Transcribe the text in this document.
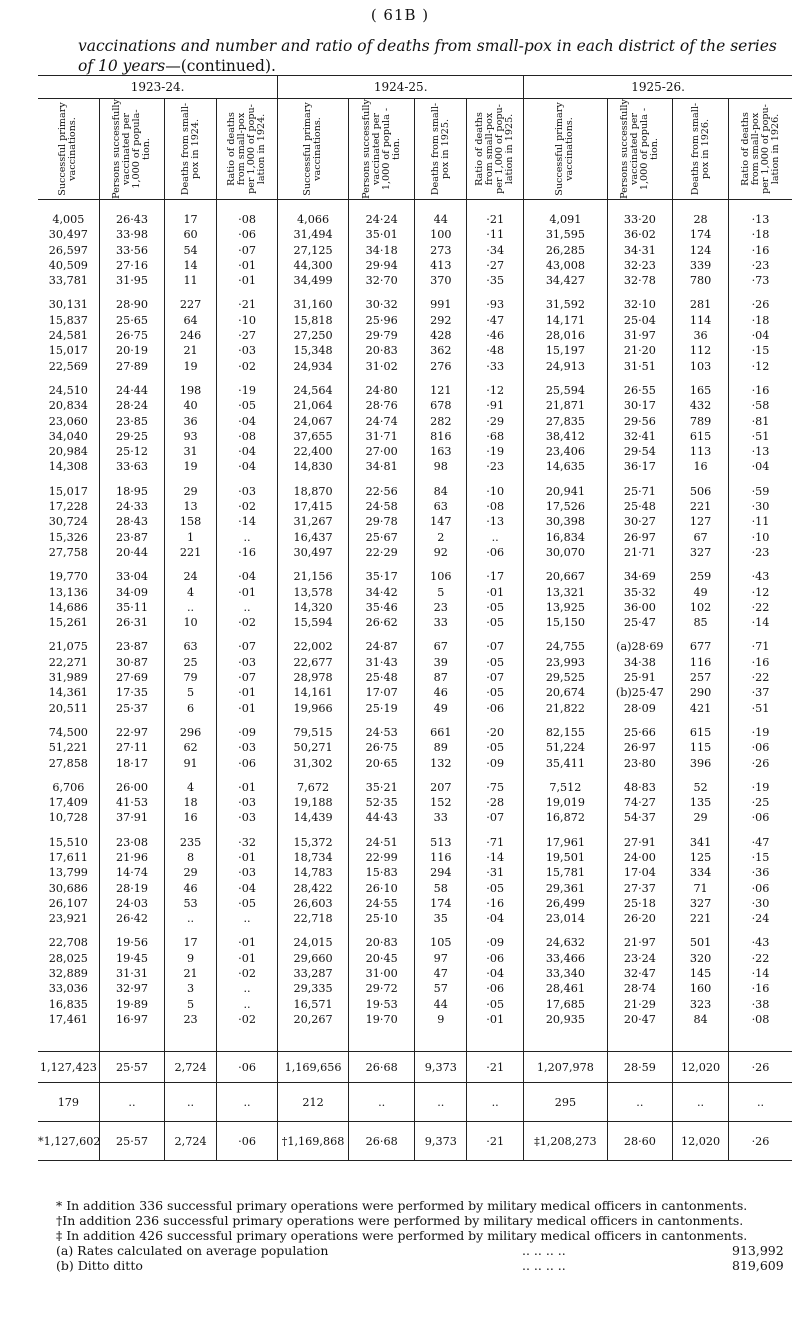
( 61B )
vaccinations and number and ratio of deaths from small-pox in each district of the series of 10 years—(continued).
1923-24.				1924-25.				1925-26.			

Successful primary
vaccinations.	Persons successfully
vaccinated per
1,000 of popula-
tion.	Deaths from small-
pox in 1924.	Ratio of deaths
from small-pox
per 1,000 of popu-
lation in 1924.	Successful primary
vaccinations.	Persons successfully
vaccinated per
1,000 of popula -
tion.	Deaths from small-
pox in 1925.	Ratio of deaths
from small-pox
per 1,000 of popu-
lation in 1925.	Successful primary
vaccinations.	Persons successfully
vaccinated per
1,000 of popula -
tion.	Deaths from small-
pox in 1926.	Ratio of deaths
from small-pox
per 1,000 of popu-
lation in 1926.

4,005	26·43	17	·08	4,066	24·24	44	·21	4,091	33·20	28	·13
30,497	33·98	60	·06	31,494	35·01	100	·11	31,595	36·02	174	·18
26,597	33·56	54	·07	27,125	34·18	273	·34	26,285	34·31	124	·16
40,509	27·16	14	·01	44,300	29·94	413	·27	43,008	32·23	339	·23
33,781	31·95	11	·01	34,499	32·70	370	·35	34,427	32·78	780	·73

30,131	28·90	227	·21	31,160	30·32	991	·93	31,592	32·10	281	·26
15,837	25·65	64	·10	15,818	25·96	292	·47	14,171	25·04	114	·18
24,581	26·75	246	·27	27,250	29·79	428	·46	28,016	31·97	36	·04
15,017	20·19	21	·03	15,348	20·83	362	·48	15,197	21·20	112	·15
22,569	27·89	19	·02	24,934	31·02	276	·33	24,913	31·51	103	·12

24,510	24·44	198	·19	24,564	24·80	121	·12	25,594	26·55	165	·16
20,834	28·24	40	·05	21,064	28·76	678	·91	21,871	30·17	432	·58
23,060	23·85	36	·04	24,067	24·74	282	·29	27,835	29·56	789	·81
34,040	29·25	93	·08	37,655	31·71	816	·68	38,412	32·41	615	·51
20,984	25·12	31	·04	22,400	27·00	163	·19	23,406	29·54	113	·13
14,308	33·63	19	·04	14,830	34·81	98	·23	14,635	36·17	16	·04

15,017	18·95	29	·03	18,870	22·56	84	·10	20,941	25·71	506	·59
17,228	24·33	13	·02	17,415	24·58	63	·08	17,526	25·48	221	·30
30,724	28·43	158	·14	31,267	29·78	147	·13	30,398	30·27	127	·11
15,326	23·87	1	..	16,437	25·67	2	..	16,834	26·97	67	·10
27,758	20·44	221	·16	30,497	22·29	92	·06	30,070	21·71	327	·23

19,770	33·04	24	·04	21,156	35·17	106	·17	20,667	34·69	259	·43
13,136	34·09	4	·01	13,578	34·42	5	·01	13,321	35·32	49	·12
14,686	35·11	..	..	14,320	35·46	23	·05	13,925	36·00	102	·22
15,261	26·31	10	·02	15,594	26·62	33	·05	15,150	25·47	85	·14

21,075	23·87	63	·07	22,002	24·87	67	·07	24,755	(a)28·69	677	·71
22,271	30·87	25	·03	22,677	31·43	39	·05	23,993	34·38	116	·16
31,989	27·69	79	·07	28,978	25·48	87	·07	29,525	25·91	257	·22
14,361	17·35	5	·01	14,161	17·07	46	·05	20,674	(b)25·47	290	·37
20,511	25·37	6	·01	19,966	25·19	49	·06	21,822	28·09	421	·51

74,500	22·97	296	·09	79,515	24·53	661	·20	82,155	25·66	615	·19
51,221	27·11	62	·03	50,271	26·75	89	·05	51,224	26·97	115	·06
27,858	18·17	91	·06	31,302	20·65	132	·09	35,411	23·80	396	·26

6,706	26·00	4	·01	7,672	35·21	207	·75	7,512	48·83	52	·19
17,409	41·53	18	·03	19,188	52·35	152	·28	19,019	74·27	135	·25
10,728	37·91	16	·03	14,439	44·43	33	·07	16,872	54·37	29	·06

15,510	23·08	235	·32	15,372	24·51	513	·71	17,961	27·91	341	·47
17,611	21·96	8	·01	18,734	22·99	116	·14	19,501	24·00	125	·15
13,799	14·74	29	·03	14,783	15·83	294	·31	15,781	17·04	334	·36
30,686	28·19	46	·04	28,422	26·10	58	·05	29,361	27·37	71	·06
26,107	24·03	53	·05	26,603	24·55	174	·16	26,499	25·18	327	·30
23,921	26·42	..	..	22,718	25·10	35	·04	23,014	26·20	221	·24

22,708	19·56	17	·01	24,015	20·83	105	·09	24,632	21·97	501	·43
28,025	19·45	9	·01	29,660	20·45	97	·06	33,466	23·24	320	·22
32,889	31·31	21	·02	33,287	31·00	47	·04	33,340	32·47	145	·14
33,036	32·97	3	..	29,335	29·72	57	·06	28,461	28·74	160	·16
16,835	19·89	5	..	16,571	19·53	44	·05	17,685	21·29	323	·38
17,461	16·97	23	·02	20,267	19·70	9	·01	20,935	20·47	84	·08

1,127,423	25·57	2,724	·06	1,169,656	26·68	9,373	·21	1,207,978	28·59	12,020	·26
179	..	..	..	212	..	..	..	295	..	..	..
*1,127,602	25·57	2,724	·06	†1,169,868	26·68	9,373	·21	‡1,208,273	28·60	12,020	·26
* In addition 336 successful primary operations were performed by military medical officers in cantonments.
†In addition 236 successful primary operations were performed by military medical officers in cantonments.
‡ In addition 426 successful primary operations were performed by military medical officers in cantonments.
(a) Rates calculated on average population	.. .. .. ..	913,992
(b) Ditto ditto	.. .. .. ..	819,609
